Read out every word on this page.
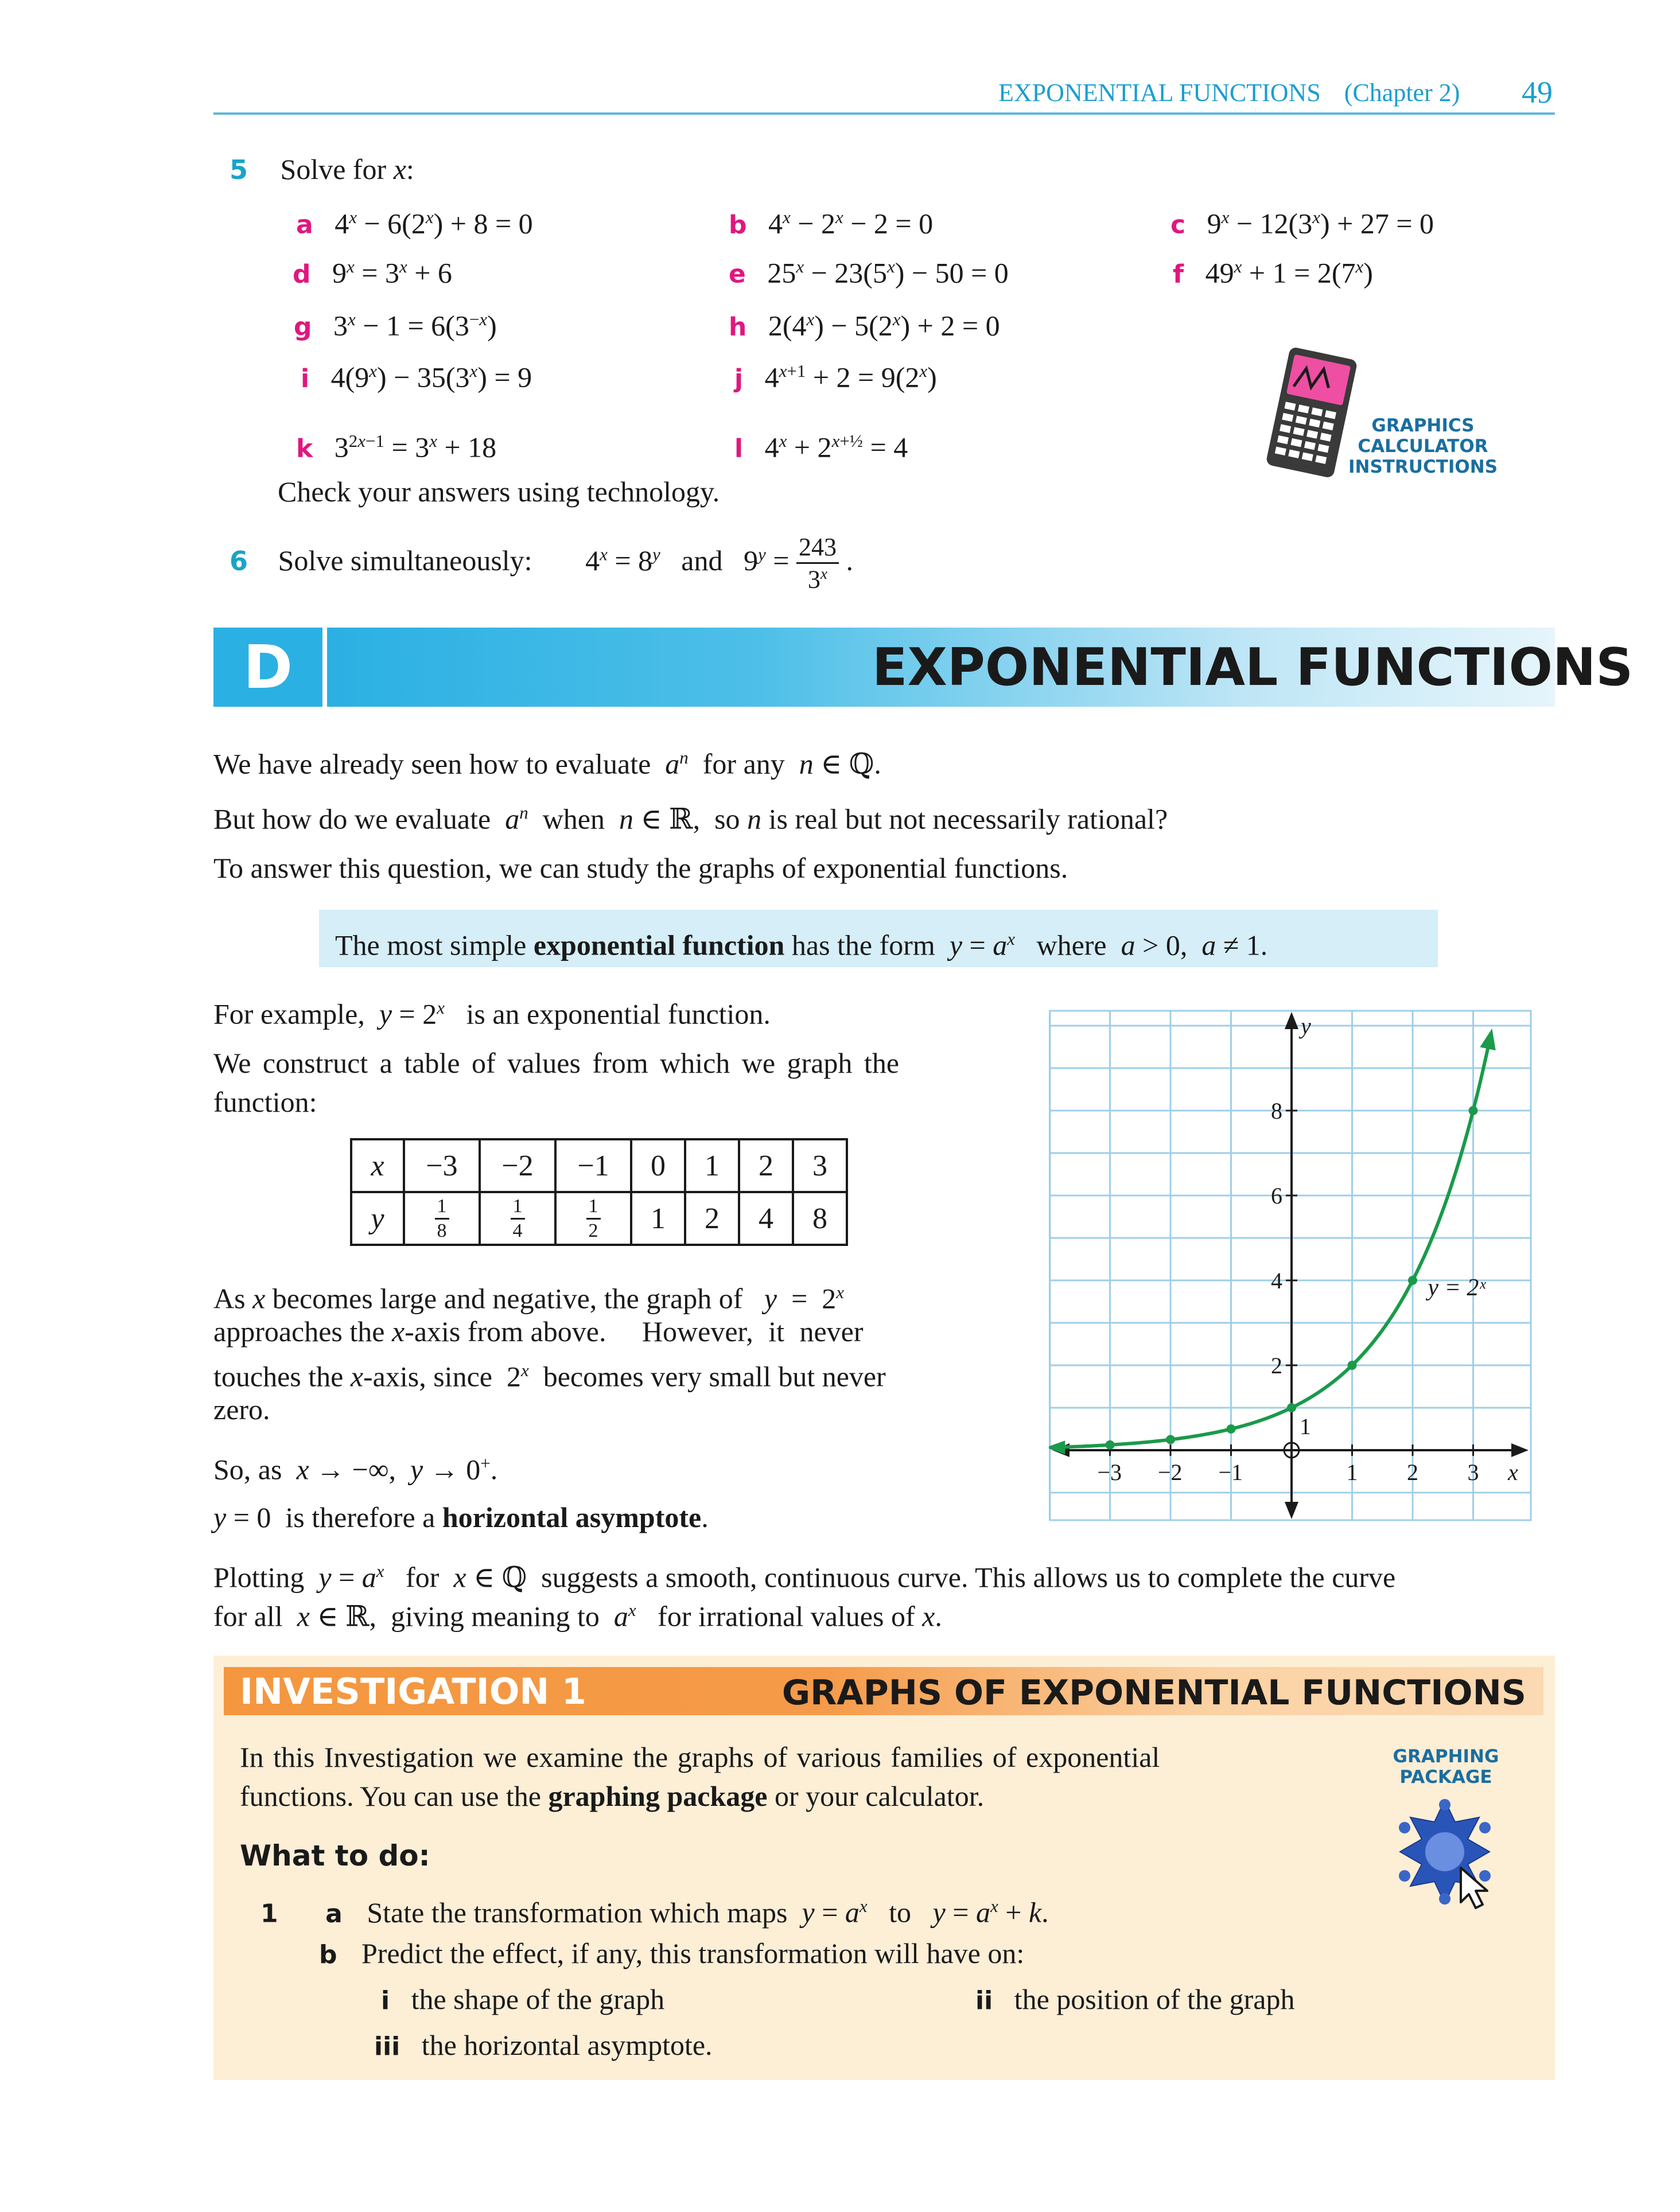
EXPONENTIAL FUNCTIONS (Chapter 2) 49
5 Solve for x:
a   $4^x - 6(2^x) + 8 = 0$	b   $4^x - 2^x - 2 = 0$	c   $9^x - 12(3^x) + 27 = 0$
d   $9^x = 3^x + 6$	e   $25^x - 23(5^x) - 50 = 0$	f   $49^x + 1 = 2(7^x)$
g   $3^x - 1 = 6(3^{-x})$	h   $2(4^x) - 5(2^x) + 2 = 0$
i   $4(9^x) - 35(3^x) = 9$	j   $4^{x+1} + 2 = 9(2^x)$
k   $3^{2x-1} = 3^x + 18$	l   $4^x + 2^{x+\frac{1}{2}} = 4$
Check your answers using technology.
6 Solve simultaneously: $4^x = 8^y$ and $9^y = \frac{243}{3^x}$ .
GRAPHICS
CALCULATOR
INSTRUCTIONS
D	EXPONENTIAL FUNCTIONS
We have already seen how to evaluate $a^n$ for any n ∈ ℚ.
But how do we evaluate $a^n$ when n ∈ ℝ,  so n is real but not necessarily rational?
To answer this question, we can study the graphs of exponential functions.
The most simple exponential function has the form  $y = a^x$ where a > 0,  a ≠ 1.
For example, $y = 2^x$ is an exponential function.
We construct a table of values from which we graph the
function:
x	−3	−2	−1	0	1	2	3
y	$\frac{1}{8}$	$\frac{1}{4}$	$\frac{1}{2}$	1	2	4	8
As x becomes large and negative, the graph of y  =  2$^x$
approaches the x-axis from above. However, it never
touches the x-axis, since  2$^x$ becomes very small but never
zero.
So, as x → −∞,  y → 0+.
y = 0  is therefore a horizontal asymptote.
−3 −2 −1	1 2 3
2
4
6
8
1
x
y
y = 2ˣ
Plotting $y = a^x$ for x ∈ ℚ  suggests a smooth, continuous curve. This allows us to complete the curve
for all x ∈ ℝ,  giving meaning to $a^x$ for irrational values of x.
INVESTIGATION 1	GRAPHS OF EXPONENTIAL FUNCTIONS
In this Investigation we examine the graphs of various families of exponential
functions. You can use the graphing package or your calculator.
What to do:
1 a State the transformation which maps $y = a^x$ to $y = a^x + k$.
b Predict the effect, if any, this transformation will have on:
i the shape of the graph	ii the position of the graph
iii the horizontal asymptote.
GRAPHING
PACKAGE
